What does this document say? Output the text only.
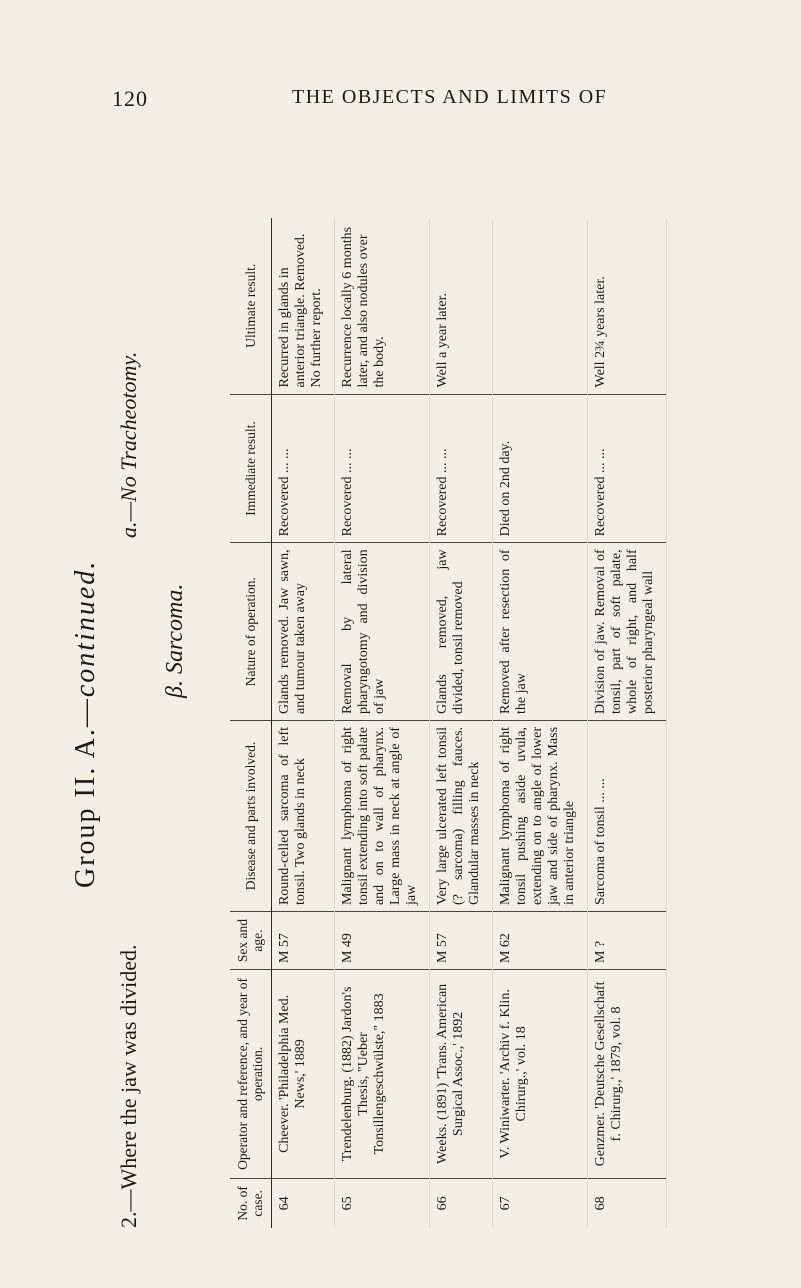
120	THE OBJECTS AND LIMITS OF
Group II. A.—continued.
2.—Where the jaw was divided.
a.—No Tracheotomy.
β. Sarcoma.
No. of case.	Operator and reference, and year of operation.	Sex and age.	Disease and parts involved.	Nature of operation.	Immediate result.	Ultimate result.
64	Cheever. 'Philadelphia Med. News,' 1889	M 57	Round-celled sarcoma of left tonsil. Two glands in neck	Glands removed. Jaw sawn, and tumour taken away	Recovered ... ...	Recurred in glands in anterior triangle. Removed. No further report.
65	Trendelenburg. (1882) Jardon's Thesis, "Ueber Tonsillengeschwülste," 1883	M 49	Malignant lymphoma of right tonsil extending into soft palate and on to wall of pharynx. Large mass in neck at angle of jaw	Removal by lateral pharyngotomy and division of jaw	Recovered ... ...	Recurrence locally 6 months later, and also nodules over the body.
66	Weeks. (1891) 'Trans. American Surgical Assoc.,' 1892	M 57	Very large ulcerated left tonsil (? sarcoma) filling fauces. Glandular masses in neck	Glands removed, jaw divided, tonsil removed	Recovered ... ...	Well a year later.
67	V. Winiwarter. 'Archiv f. Klin. Chirurg.,' vol. 18	M 62	Malignant lymphoma of right tonsil pushing aside uvula, extending on to angle of lower jaw and side of pharynx. Mass in anterior triangle	Removed after resection of the jaw	Died on 2nd day.	
68	Genzmer. 'Deutsche Gesellschaft f. Chirurg.,' 1879, vol. 8	M ?	Sarcoma of tonsil ... ...	Division of jaw. Removal of tonsil, part of soft palate, whole of right, and half posterior pharyngeal wall	Recovered ... ...	Well 2¾ years later.
